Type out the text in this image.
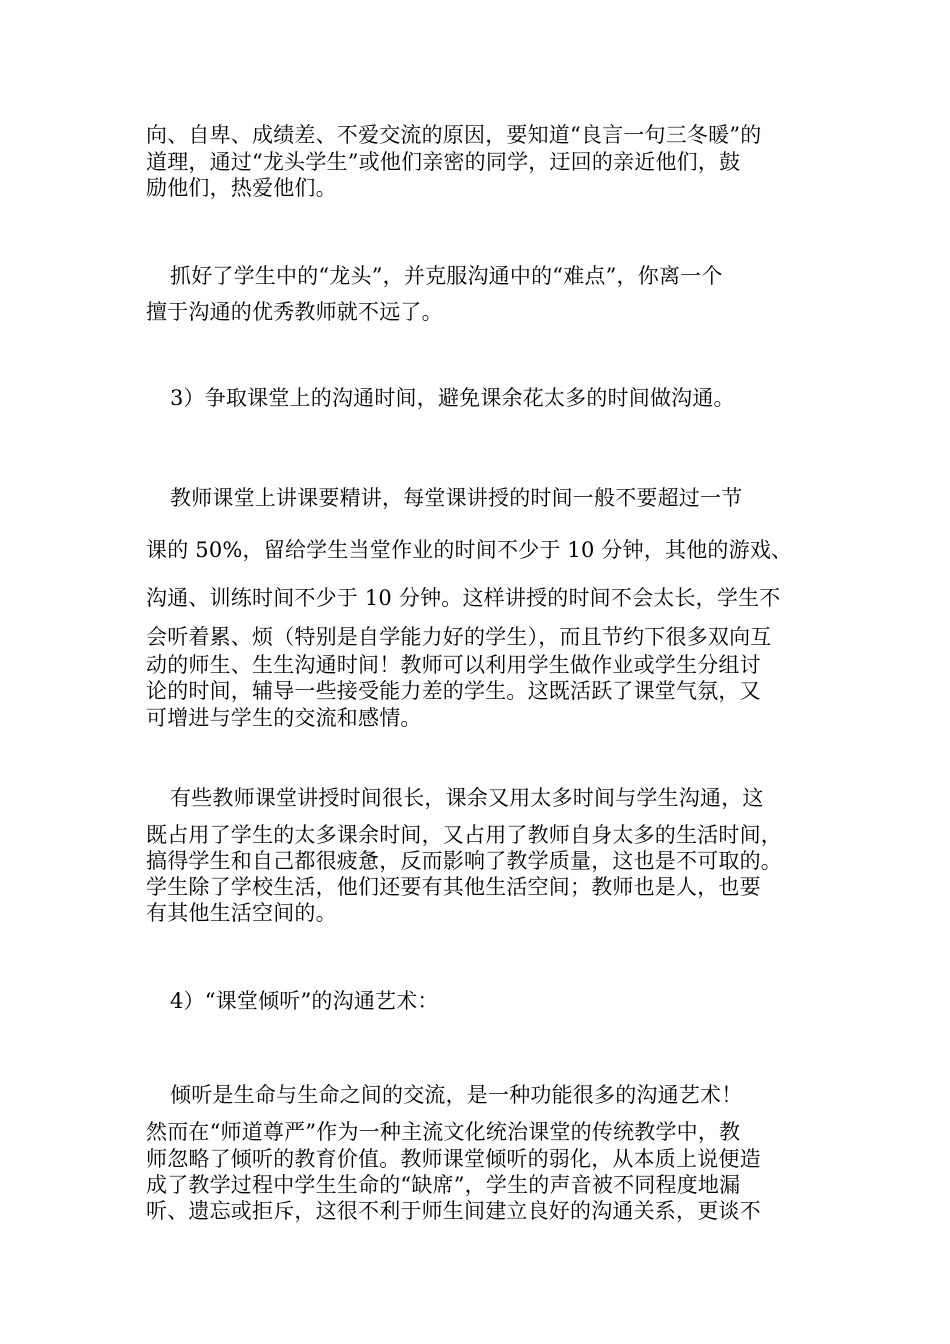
向、自卑、成绩差、不爱交流的原因，要知道“良言一句三冬暖”的
道理，通过“龙头学生”或他们亲密的同学，迂回的亲近他们，鼓
励他们，热爱他们。
抓好了学生中的“龙头”，并克服沟通中的“难点”，你离一个
擅于沟通的优秀教师就不远了。
3）争取课堂上的沟通时间，避免课余花太多的时间做沟通。
教师课堂上讲课要精讲，每堂课讲授的时间一般不要超过一节
课的 50%，留给学生当堂作业的时间不少于 10 分钟，其他的游戏、
沟通、训练时间不少于 10 分钟。这样讲授的时间不会太长，学生不
会听着累、烦（特别是自学能力好的学生），而且节约下很多双向互
动的师生、生生沟通时间！教师可以利用学生做作业或学生分组讨
论的时间，辅导一些接受能力差的学生。这既活跃了课堂气氛，又
可增进与学生的交流和感情。
有些教师课堂讲授时间很长，课余又用太多时间与学生沟通，这
既占用了学生的太多课余时间，又占用了教师自身太多的生活时间，
搞得学生和自己都很疲惫，反而影响了教学质量，这也是不可取的。
学生除了学校生活，他们还要有其他生活空间；教师也是人，也要
有其他生活空间的。
4）“课堂倾听”的沟通艺术：
倾听是生命与生命之间的交流，是一种功能很多的沟通艺术！
然而在“师道尊严”作为一种主流文化统治课堂的传统教学中，教
师忽略了倾听的教育价值。教师课堂倾听的弱化，从本质上说便造
成了教学过程中学生生命的“缺席”，学生的声音被不同程度地漏
听、遗忘或拒斥，这很不利于师生间建立良好的沟通关系，更谈不
